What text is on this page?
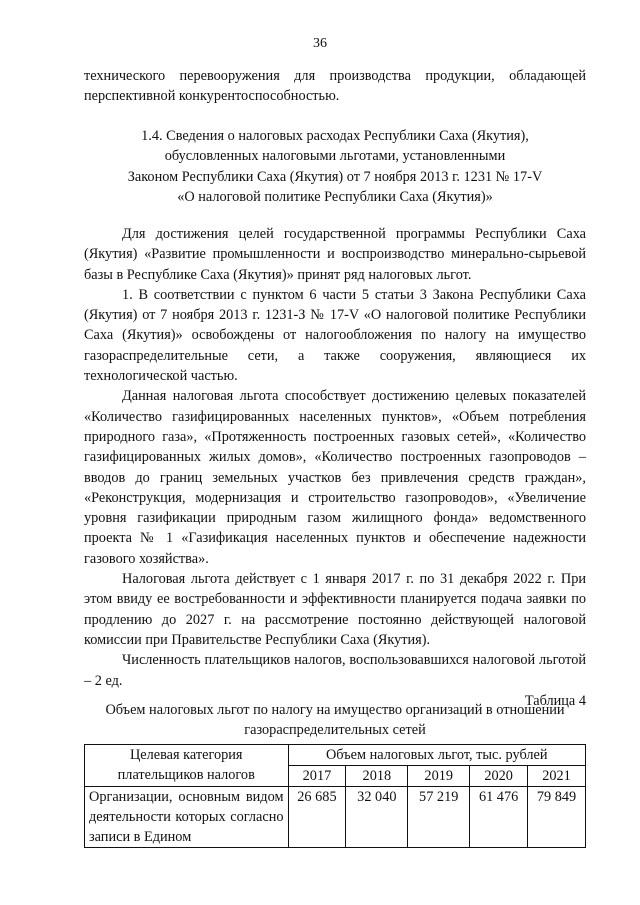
36

технического перевооружения для производства продукции, обладающей перспективной конкурентоспособностью.

1.4. Сведения о налоговых расходах Республики Саха (Якутия),

обусловленных налоговыми льготами, установленными

Законом Республики Саха (Якутия) от 7 ноября 2013 г. 1231 № 17-V

«О налоговой политике Республики Саха (Якутия)»

Для достижения целей государственной программы Республики Саха (Якутия) «Развитие промышленности и воспроизводство минерально-сырьевой базы в Республике Саха (Якутия)» принят ряд налоговых льгот.

1. В соответствии с пунктом 6 части 5 статьи 3 Закона Республики Саха (Якутия) от 7 ноября 2013 г. 1231-З № 17-V «О налоговой политике Республики Саха (Якутия)» освобождены от налогообложения по налогу на имущество газораспределительные сети, а также сооружения, являющиеся их технологической частью.

Данная налоговая льгота способствует достижению целевых показателей «Количество газифицированных населенных пунктов», «Объем потребления природного газа», «Протяженность построенных газовых сетей», «Количество газифицированных жилых домов», «Количество построенных газопроводов – вводов до границ земельных участков без привлечения средств граждан», «Реконструкция, модернизация и строительство газопроводов», «Увеличение уровня газификации природным газом жилищного фонда» ведомственного проекта № 1 «Газификация населенных пунктов и обеспечение надежности газового хозяйства».

Налоговая льгота действует с 1 января 2017 г. по 31 декабря 2022 г. При этом ввиду ее востребованности и эффективности планируется подача заявки по продлению до 2027 г. на рассмотрение постоянно действующей налоговой комиссии при Правительстве Республики Саха (Якутия).

Численность плательщиков налогов, воспользовавшихся налоговой льготой – 2 ед.

Таблица 4

Объем налоговых льгот по налогу на имущество организаций в отношении газораспределительных сетей

Целевая категория плательщиков налогов	Объем налоговых льгот, тыс. рублей				
	2017	2018	2019	2020	2021
Организации, основным видом деятельности которых согласно записи в Едином	26 685	32 040	57 219	61 476	79 849
